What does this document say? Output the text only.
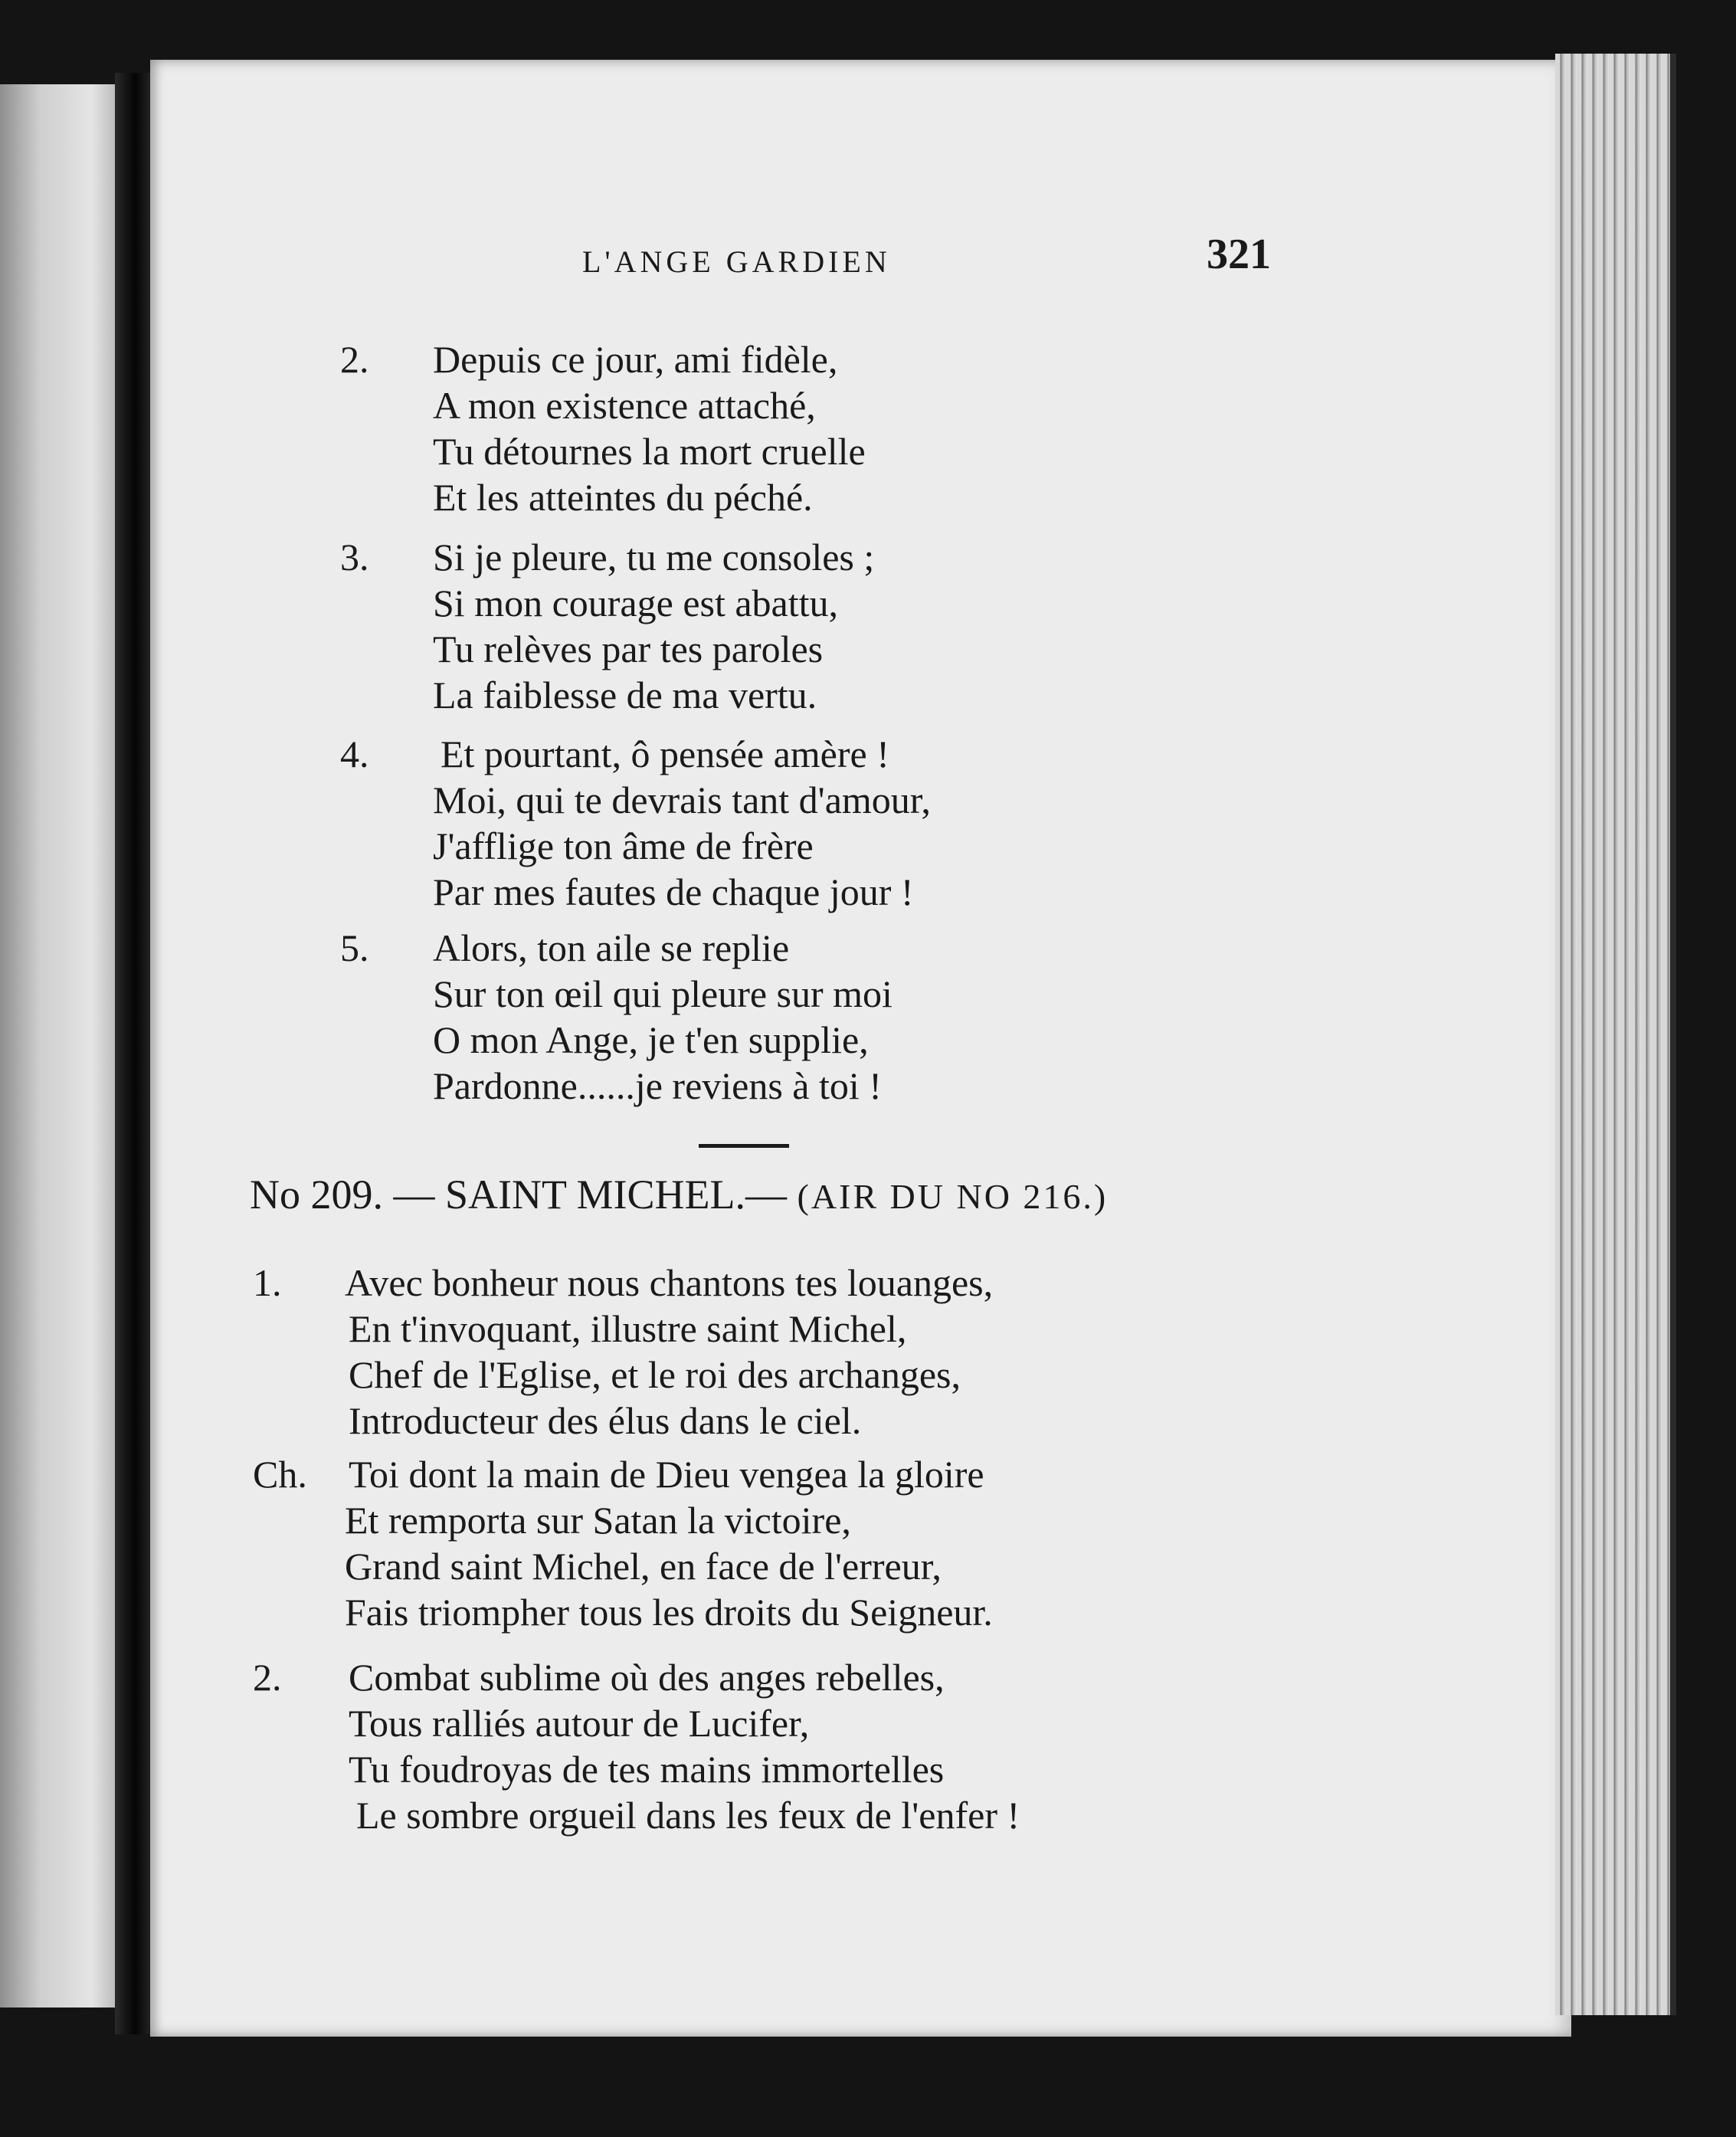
L'ANGE GARDIEN	321
2. Depuis ce jour, ami fidèle,
A mon existence attaché,
Tu détournes la mort cruelle
Et les atteintes du péché.
3. Si je pleure, tu me consoles ;
Si mon courage est abattu,
Tu relèves par tes paroles
La faiblesse de ma vertu.
4. Et pourtant, ô pensée amère !
Moi, qui te devrais tant d'amour,
J'afflige ton âme de frère
Par mes fautes de chaque jour !
5. Alors, ton aile se replie
Sur ton œil qui pleure sur moi
O mon Ange, je t'en supplie,
Pardonne......je reviens à toi !
No 209. — SAINT MICHEL.— (AIR DU NO 216.)
1. Avec bonheur nous chantons tes louanges,
En t'invoquant, illustre saint Michel,
Chef de l'Eglise, et le roi des archanges,
Introducteur des élus dans le ciel.
Ch. Toi dont la main de Dieu vengea la gloire
Et remporta sur Satan la victoire,
Grand saint Michel, en face de l'erreur,
Fais triompher tous les droits du Seigneur.
2. Combat sublime où des anges rebelles,
Tous ralliés autour de Lucifer,
Tu foudroyas de tes mains immortelles
Le sombre orgueil dans les feux de l'enfer !
